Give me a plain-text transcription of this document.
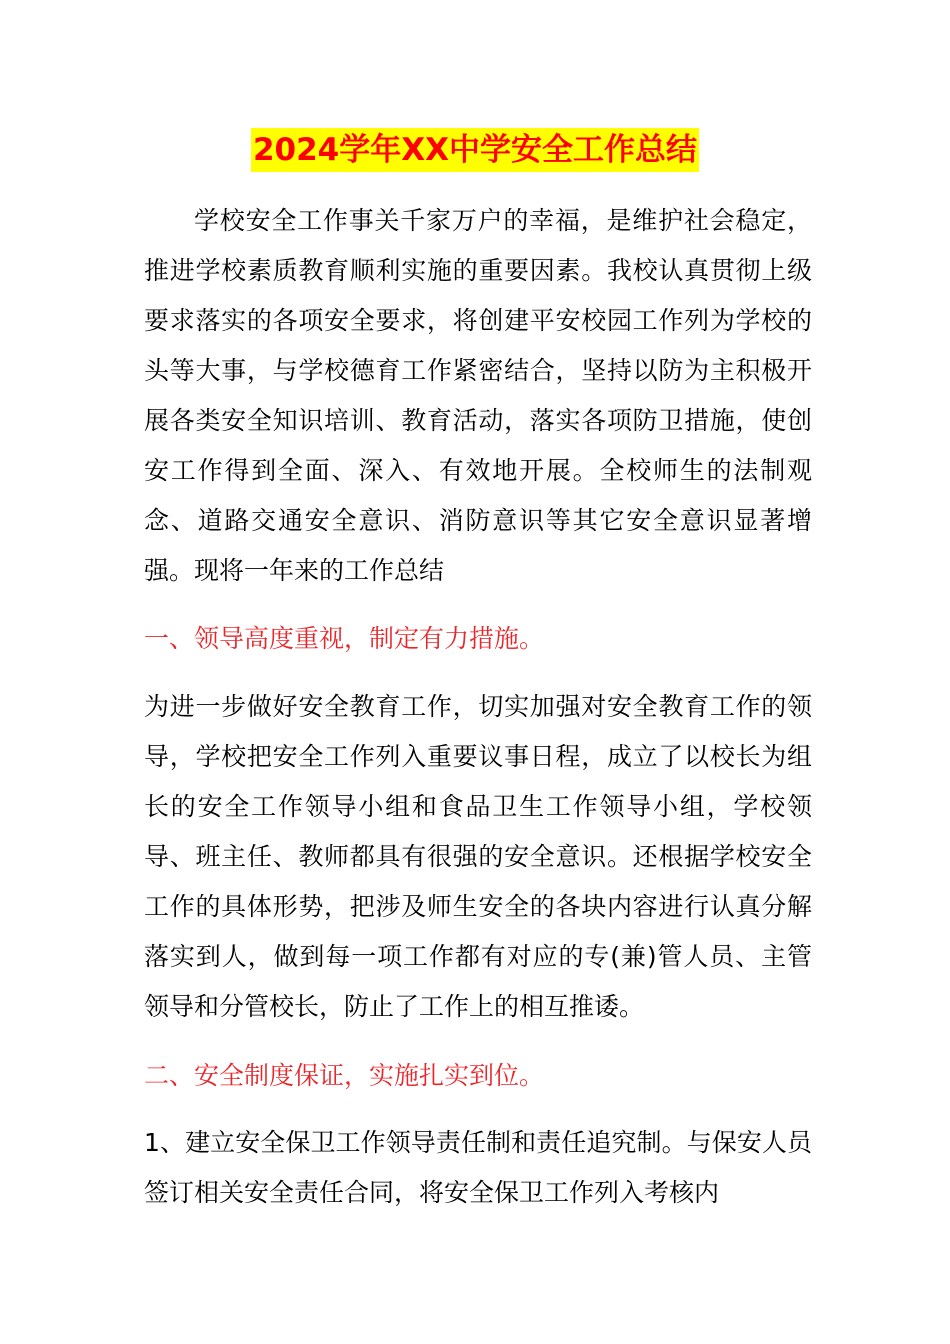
2024学年XX中学安全工作总结

学校安全工作事关千家万户的幸福，是维护社会稳定，推进学校素质教育顺利实施的重要因素。我校认真贯彻上级要求落实的各项安全要求，将创建平安校园工作列为学校的头等大事，与学校德育工作紧密结合，坚持以防为主积极开展各类安全知识培训、教育活动，落实各项防卫措施，使创安工作得到全面、深入、有效地开展。全校师生的法制观念、道路交通安全意识、消防意识等其它安全意识显著增强。现将一年来的工作总结

一、领导高度重视，制定有力措施。

为进一步做好安全教育工作，切实加强对安全教育工作的领导，学校把安全工作列入重要议事日程，成立了以校长为组长的安全工作领导小组和食品卫生工作领导小组，学校领导、班主任、教师都具有很强的安全意识。还根据学校安全工作的具体形势，把涉及师生安全的各块内容进行认真分解落实到人，做到每一项工作都有对应的专(兼)管人员、主管领导和分管校长，防止了工作上的相互推诿。

二、安全制度保证，实施扎实到位。

1、建立安全保卫工作领导责任制和责任追究制。与保安人员签订相关安全责任合同，将安全保卫工作列入考核内
